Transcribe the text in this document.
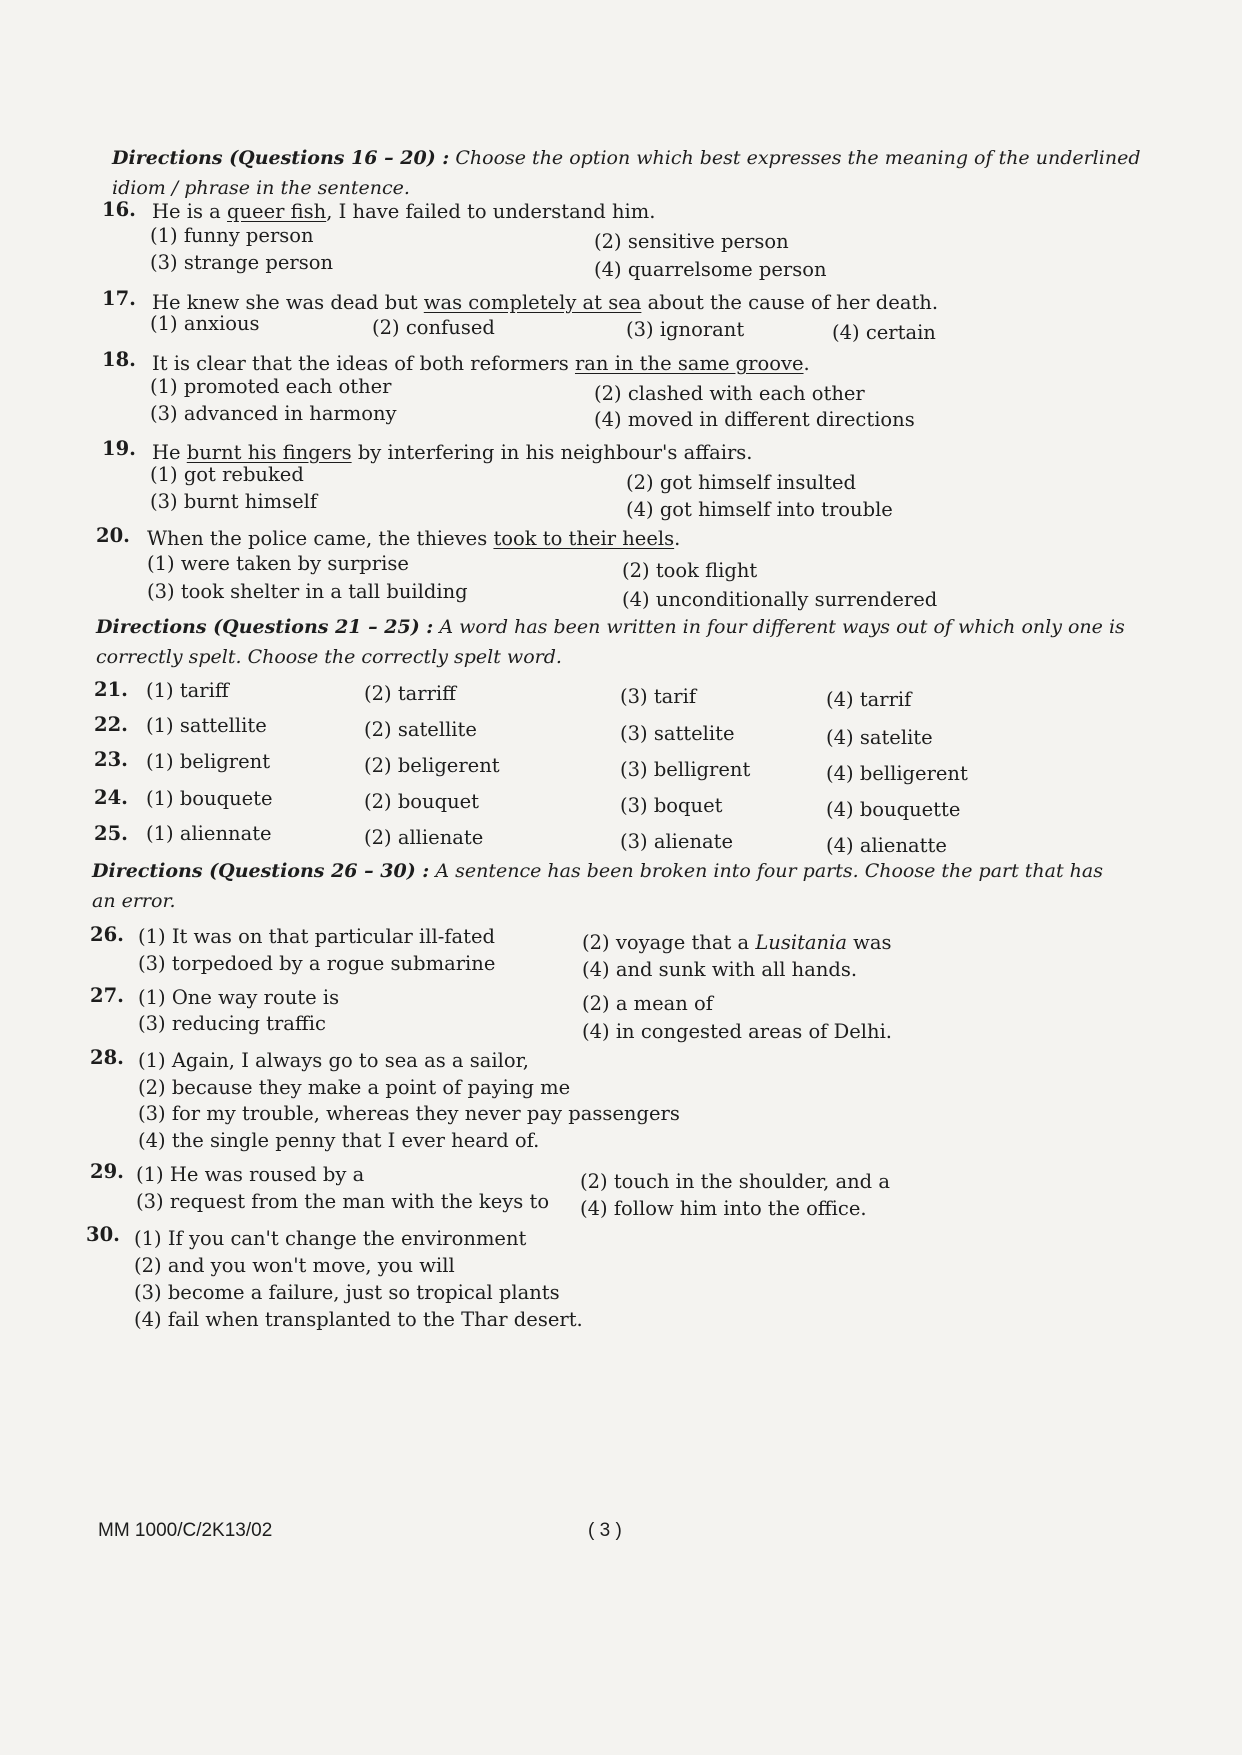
Directions (Questions 16 – 20) : Choose the option which best expresses the meaning of the underlined idiom / phrase in the sentence.
16. He is a queer fish, I have failed to understand him.
(1) funny person	(2) sensitive person
(3) strange person	(4) quarrelsome person
17. He knew she was dead but was completely at sea about the cause of her death.
(1) anxious	(2) confused	(3) ignorant	(4) certain
18. It is clear that the ideas of both reformers ran in the same groove.
(1) promoted each other	(2) clashed with each other
(3) advanced in harmony	(4) moved in different directions
19. He burnt his fingers by interfering in his neighbour's affairs.
(1) got rebuked	(2) got himself insulted
(3) burnt himself	(4) got himself into trouble
20. When the police came, the thieves took to their heels.
(1) were taken by surprise	(2) took flight
(3) took shelter in a tall building	(4) unconditionally surrendered
Directions (Questions 21 – 25) : A word has been written in four different ways out of which only one is correctly spelt. Choose the correctly spelt word.
21. (1) tariff	(2) tarriff	(3) tarif	(4) tarrif
22. (1) sattellite	(2) satellite	(3) sattelite	(4) satelite
23. (1) beligrent	(2) beligerent	(3) belligrent	(4) belligerent
24. (1) bouquete	(2) bouquet	(3) boquet	(4) bouquette
25. (1) aliennate	(2) allienate	(3) alienate	(4) alienatte
Directions (Questions 26 – 30) : A sentence has been broken into four parts. Choose the part that has an error.
26. (1) It was on that particular ill-fated	(2) voyage that a Lusitania was
(3) torpedoed by a rogue submarine	(4) and sunk with all hands.
27. (1) One way route is	(2) a mean of
(3) reducing traffic	(4) in congested areas of Delhi.
28. (1) Again, I always go to sea as a sailor,
(2) because they make a point of paying me
(3) for my trouble, whereas they never pay passengers
(4) the single penny that I ever heard of.
29. (1) He was roused by a	(2) touch in the shoulder, and a
(3) request from the man with the keys to (4) follow him into the office.
30. (1) If you can't change the environment
(2) and you won't move, you will
(3) become a failure, just so tropical plants
(4) fail when transplanted to the Thar desert.
MM 1000/C/2K13/02	( 3 )
